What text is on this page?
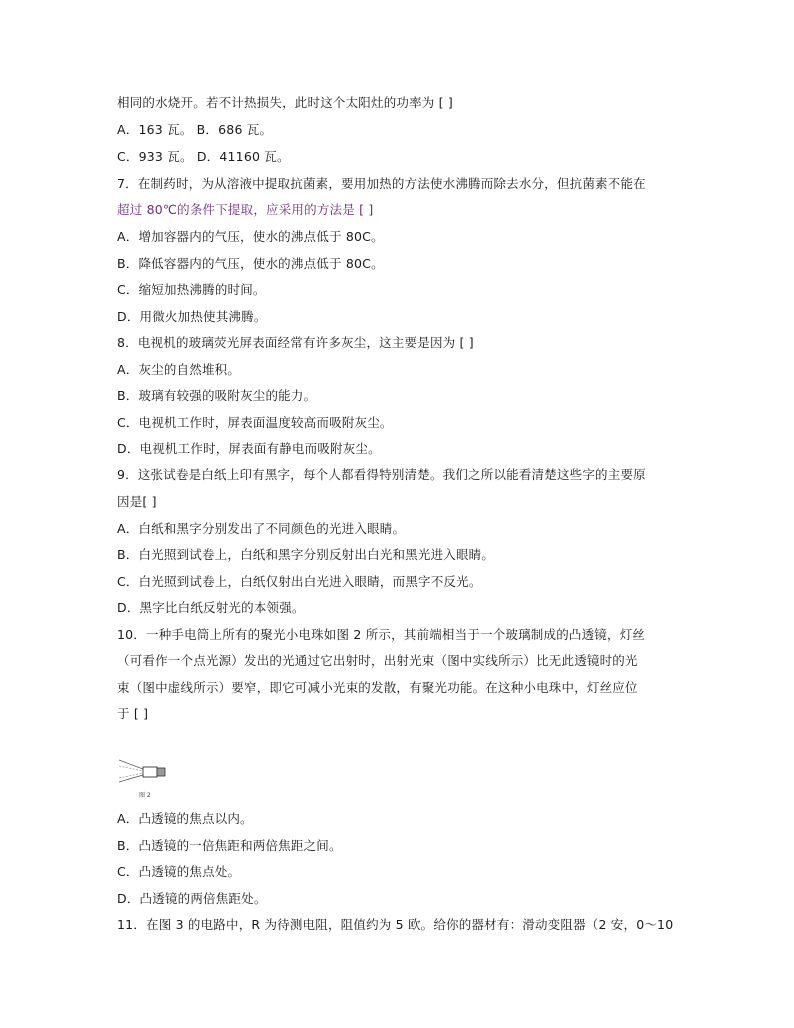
相同的水烧开。若不计热损失，此时这个太阳灶的功率为 [ ]
A．163 瓦。 B．686 瓦。
C．933 瓦。 D．41160 瓦。
7．在制药时，为从溶液中提取抗菌素，要用加热的方法使水沸腾而除去水分，但抗菌素不能在
超过 80℃的条件下提取，应采用的方法是 [ ]
A．增加容器内的气压，使水的沸点低于 80C。
B．降低容器内的气压，使水的沸点低于 80C。
C．缩短加热沸腾的时间。
D．用微火加热使其沸腾。
8．电视机的玻璃荧光屏表面经常有许多灰尘，这主要是因为 [ ]
A．灰尘的自然堆积。
B．玻璃有较强的吸附灰尘的能力。
C．电视机工作时，屏表面温度较高而吸附灰尘。
D．电视机工作时，屏表面有静电而吸附灰尘。
9．这张试卷是白纸上印有黑字，每个人都看得特别清楚。我们之所以能看清楚这些字的主要原
因是[ ]
A．白纸和黑字分别发出了不同颜色的光进入眼睛。
B．白光照到试卷上，白纸和黑字分别反射出白光和黑光进入眼睛。
C．白光照到试卷上，白纸仅射出白光进入眼睛，而黑字不反光。
D．黑字比白纸反射光的本领强。
10．一种手电筒上所有的聚光小电珠如图 2 所示，其前端相当于一个玻璃制成的凸透镜，灯丝
（可看作一个点光源）发出的光通过它出射时，出射光束（图中实线所示）比无此透镜时的光
束（图中虚线所示）要窄，即它可减小光束的发散，有聚光功能。在这种小电珠中，灯丝应位
于 [ ]
图 2
A．凸透镜的焦点以内。
B．凸透镜的一倍焦距和两倍焦距之间。
C．凸透镜的焦点处。
D．凸透镜的两倍焦距处。
11．在图 3 的电路中，R 为待测电阻，阻值约为 5 欧。给你的器材有：滑动变阻器（2 安，0～10
